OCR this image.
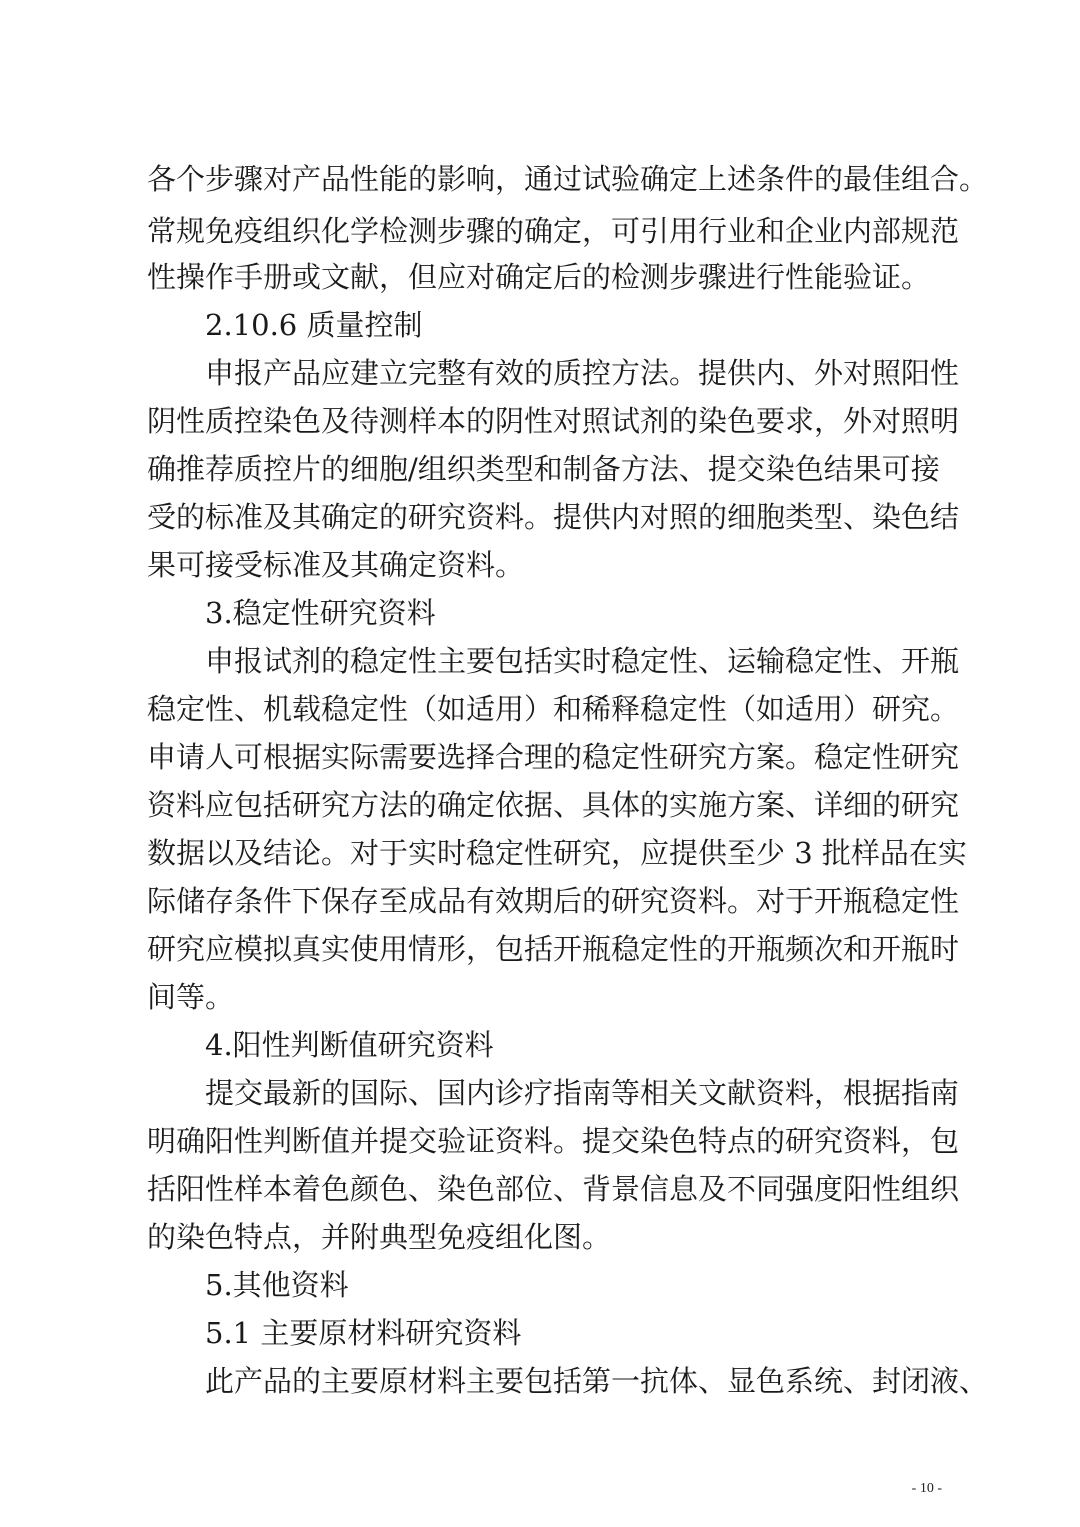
各个步骤对产品性能的影响，通过试验确定上述条件的最佳组合。
常规免疫组织化学检测步骤的确定，可引用行业和企业内部规范
性操作手册或文献，但应对确定后的检测步骤进行性能验证。
2.10.6 质量控制
申报产品应建立完整有效的质控方法。提供内、外对照阳性
阴性质控染色及待测样本的阴性对照试剂的染色要求，外对照明
确推荐质控片的细胞/组织类型和制备方法、提交染色结果可接
受的标准及其确定的研究资料。提供内对照的细胞类型、染色结
果可接受标准及其确定资料。
3.稳定性研究资料
申报试剂的稳定性主要包括实时稳定性、运输稳定性、开瓶
稳定性、机载稳定性（如适用）和稀释稳定性（如适用）研究。
申请人可根据实际需要选择合理的稳定性研究方案。稳定性研究
资料应包括研究方法的确定依据、具体的实施方案、详细的研究
数据以及结论。对于实时稳定性研究，应提供至少 3 批样品在实
际储存条件下保存至成品有效期后的研究资料。对于开瓶稳定性
研究应模拟真实使用情形，包括开瓶稳定性的开瓶频次和开瓶时
间等。
4.阳性判断值研究资料
提交最新的国际、国内诊疗指南等相关文献资料，根据指南
明确阳性判断值并提交验证资料。提交染色特点的研究资料，包
括阳性样本着色颜色、染色部位、背景信息及不同强度阳性组织
的染色特点，并附典型免疫组化图。
5.其他资料
5.1 主要原材料研究资料
此产品的主要原材料主要包括第一抗体、显色系统、封闭液、
- 10 -
